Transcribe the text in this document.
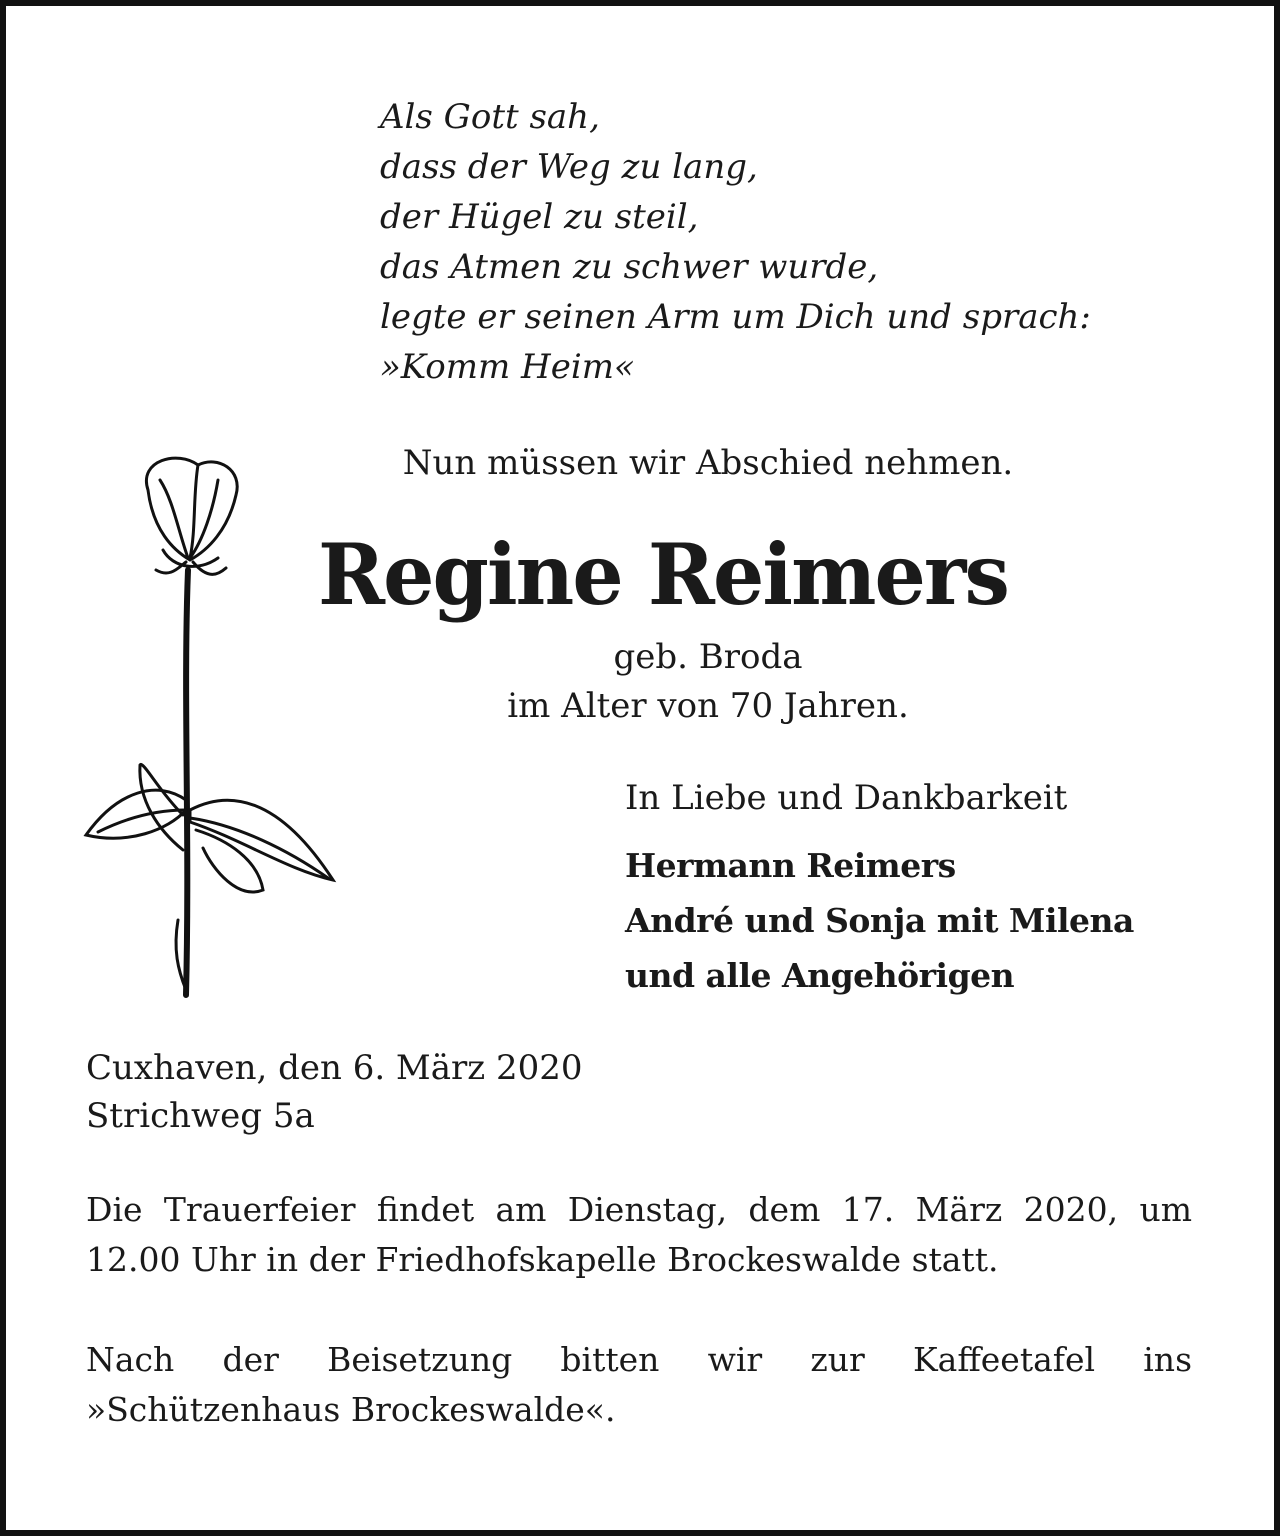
Als Gott sah,
dass der Weg zu lang,
der Hügel zu steil,
das Atmen zu schwer wurde,
legte er seinen Arm um Dich und sprach:
»Komm Heim«
Nun müssen wir Abschied nehmen.
Regine Reimers
geb. Broda
im Alter von 70 Jahren.
In Liebe und Dankbarkeit
Hermann Reimers
André und Sonja mit Milena
und alle Angehörigen
Cuxhaven, den 6. März 2020
Strichweg 5a
Die Trauerfeier findet am Dienstag, dem 17. März 2020, um 12.00 Uhr in der Friedhofskapelle Brockeswalde statt.
Nach der Beisetzung bitten wir zur Kaffeetafel ins »Schützenhaus Brockeswalde«.
